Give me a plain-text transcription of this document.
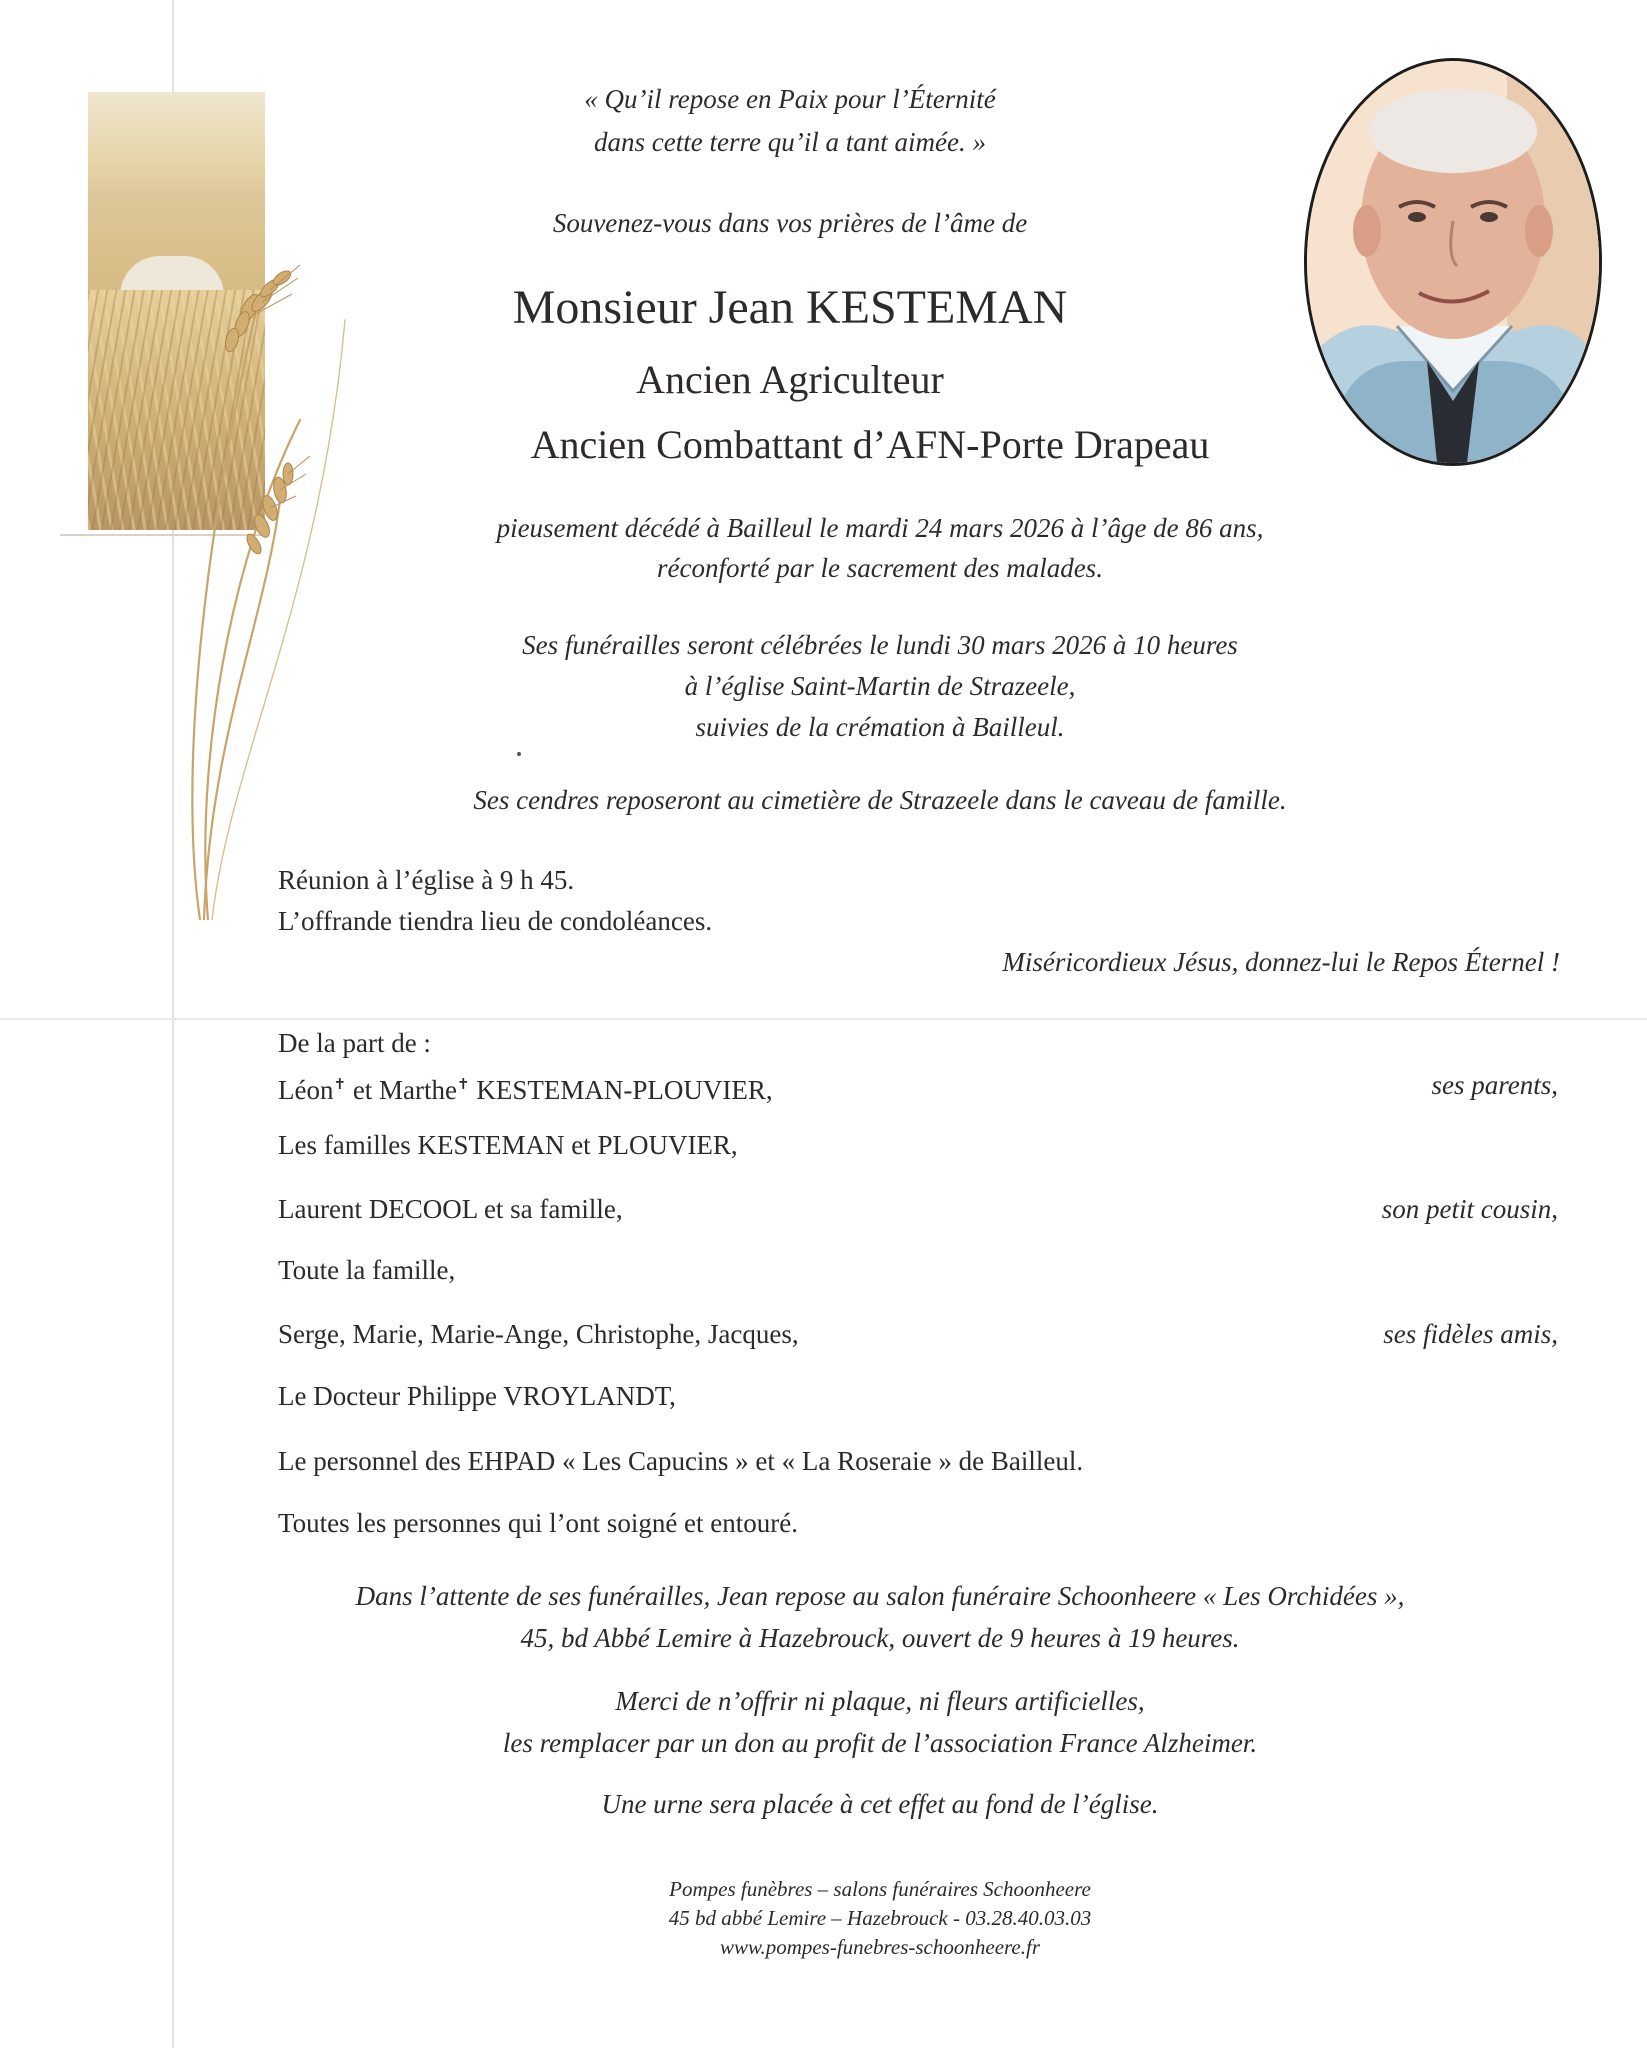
« Qu’il repose en Paix pour l’Éternité
dans cette terre qu’il a tant aimée. »
Souvenez-vous dans vos prières de l’âme de
Monsieur Jean KESTEMAN
Ancien Agriculteur
Ancien Combattant d’AFN-Porte Drapeau
pieusement décédé à Bailleul le mardi 24 mars 2026 à l’âge de 86 ans,
réconforté par le sacrement des malades.
Ses funérailles seront célébrées le lundi 30 mars 2026 à 10 heures
à l’église Saint-Martin de Strazeele,
suivies de la crémation à Bailleul.
Ses cendres reposeront au cimetière de Strazeele dans le caveau de famille.
Réunion à l’église à 9 h 45.
L’offrande tiendra lieu de condoléances.
Miséricordieux Jésus, donnez-lui le Repos Éternel !
De la part de :
Léon✝ et Marthe✝ KESTEMAN-PLOUVIER,	ses parents,
Les familles KESTEMAN et PLOUVIER,
Laurent DECOOL et sa famille,	son petit cousin,
Toute la famille,
Serge, Marie, Marie-Ange, Christophe, Jacques,	ses fidèles amis,
Le Docteur Philippe VROYLANDT,
Le personnel des EHPAD « Les Capucins » et « La Roseraie » de Bailleul.
Toutes les personnes qui l’ont soigné et entouré.
Dans l’attente de ses funérailles, Jean repose au salon funéraire Schoonheere « Les Orchidées »,
45, bd Abbé Lemire à Hazebrouck, ouvert de 9 heures à 19 heures.
Merci de n’offrir ni plaque, ni fleurs artificielles,
les remplacer par un don au profit de l’association France Alzheimer.
Une urne sera placée à cet effet au fond de l’église.
Pompes funèbres – salons funéraires Schoonheere
45 bd abbé Lemire – Hazebrouck - 03.28.40.03.03
www.pompes-funebres-schoonheere.fr
